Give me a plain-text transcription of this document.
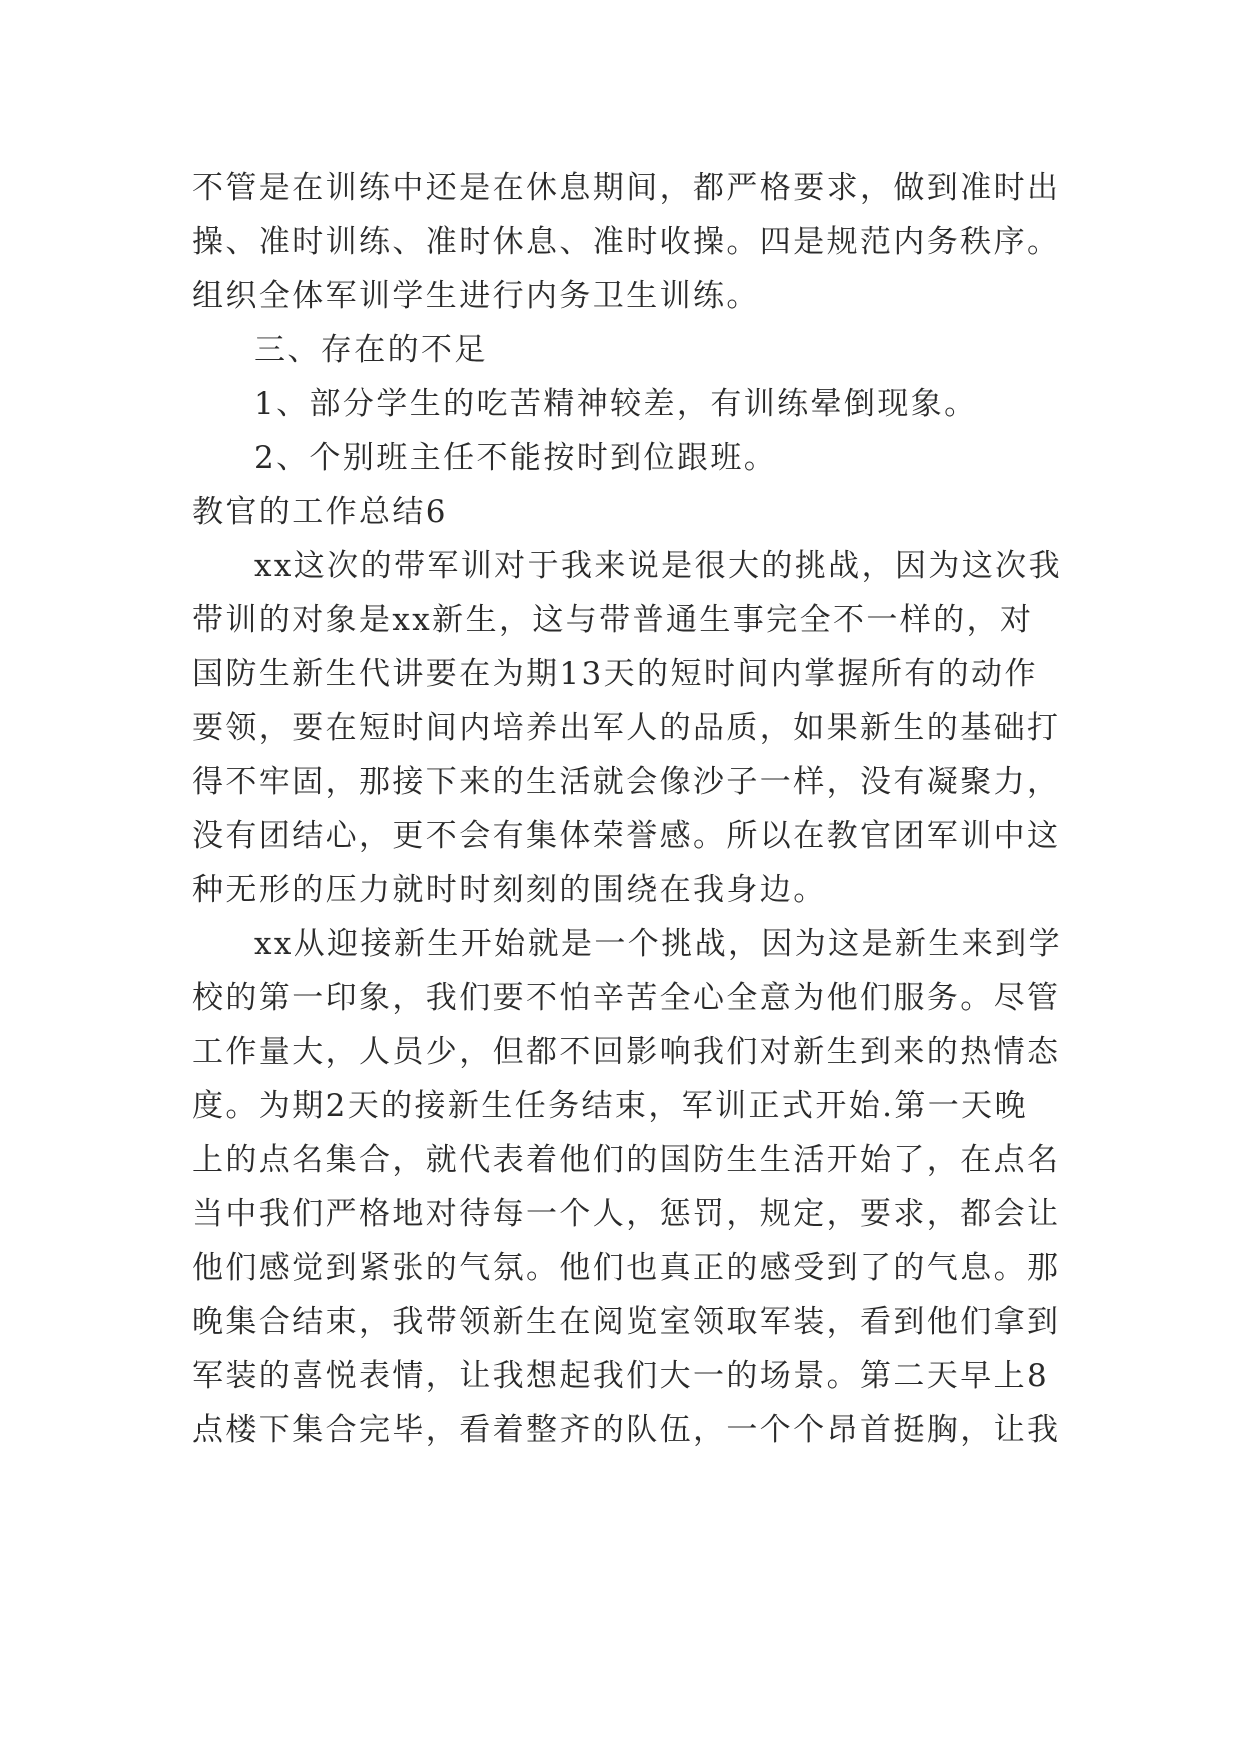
不管是在训练中还是在休息期间，都严格要求，做到准时出
操、准时训练、准时休息、准时收操。四是规范内务秩序。
组织全体军训学生进行内务卫生训练。
三、存在的不足
1、部分学生的吃苦精神较差，有训练晕倒现象。
2、个别班主任不能按时到位跟班。
教官的工作总结6
xx这次的带军训对于我来说是很大的挑战，因为这次我
带训的对象是xx新生，这与带普通生事完全不一样的，对
国防生新生代讲要在为期13天的短时间内掌握所有的动作
要领，要在短时间内培养出军人的品质，如果新生的基础打
得不牢固，那接下来的生活就会像沙子一样，没有凝聚力，
没有团结心，更不会有集体荣誉感。所以在教官团军训中这
种无形的压力就时时刻刻的围绕在我身边。
xx从迎接新生开始就是一个挑战，因为这是新生来到学
校的第一印象，我们要不怕辛苦全心全意为他们服务。尽管
工作量大，人员少，但都不回影响我们对新生到来的热情态
度。为期2天的接新生任务结束，军训正式开始.第一天晚
上的点名集合，就代表着他们的国防生生活开始了，在点名
当中我们严格地对待每一个人，惩罚，规定，要求，都会让
他们感觉到紧张的气氛。他们也真正的感受到了的气息。那
晚集合结束，我带领新生在阅览室领取军装，看到他们拿到
军装的喜悦表情，让我想起我们大一的场景。第二天早上8
点楼下集合完毕，看着整齐的队伍，一个个昂首挺胸，让我
